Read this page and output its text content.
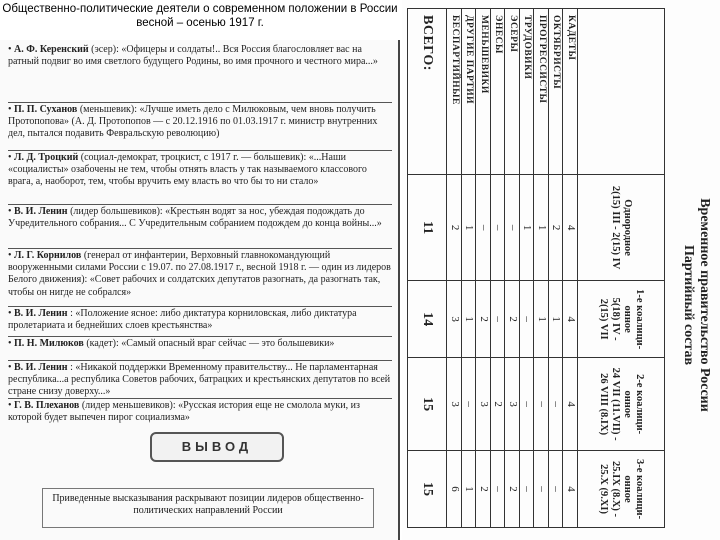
Общественно-политические деятели о современном положении в России весной – осенью 1917 г.
• А. Ф. Керенский (эсер): «Офицеры и солдаты!.. Вся Россия благословляет вас на ратный подвиг во имя светлого будущего Родины, во имя прочного и честного мира...»
• П. П. Суханов (меньшевик): «Лучше иметь дело с Милюковым, чем вновь получить Протопопова» (А. Д. Протопопов — с 20.12.1916 по 01.03.1917 г. министр внутренних дел, пытался подавить Февральскую революцию)
• Л. Д. Троцкий (социал-демократ, троцкист, с 1917 г. — большевик): «...Наши «социалисты» озабочены не тем, чтобы отнять власть у так называемого классового врага, а, наоборот, тем, чтобы вручить ему власть во что бы то ни стало»
• В. И. Ленин (лидер большевиков): «Крестьян водят за нос, убеждая подождать до Учредительного собрания... С Учредительным собранием подождем до конца войны...»
• Л. Г. Корнилов (генерал от инфантерии, Верховный главнокомандующий вооруженными силами России с 19.07. по 27.08.1917 г., весной 1918 г. — один из лидеров Белого движения): «Совет рабочих и солдатских депутатов разогнать, да разогнать так, чтобы он нигде не собрался»
• В. И. Ленин : «Положение ясное: либо диктатура корниловская, либо диктатура пролетариата и беднейших слоев крестьянства»
• П. Н. Милюков (кадет): «Самый опасный враг сейчас — это большевики»
• В. И. Ленин : «Никакой поддержки Временному правительству... Не парламентарная республика...а республика Советов рабочих, батрацких и крестьянских депутатов по всей стране снизу доверху...»
• Г. В. Плеханов (лидер меньшевиков): «Русская история еще не смолола муки, из которой будет выпечен пирог социализма»
ВЫВОД
Приведенные высказывания раскрывают позиции лидеров общественно-политических направлений России
Временное правительство России
Партийный состав
	Однородное
2(15) III - 2(15) IV	1-е коалици-
онное
5(18) IV -
2(15) VII	2-е коалици-
онное
24 VII (11.VII) -
26 VIII (8.IX)	3-е коалици-
онное
25.IX (8.X) -
25.X (9.XI)
КАДЕТЫ	4	4	4	4
ОКТЯБРИСТЫ	2	1	–	–
ПРОГРЕССИСТЫ	1	1	–	–
ТРУДОВИКИ	1	–	–	–
ЭСЕРЫ	–	2	3	2
ЭНЕСЫ	–	–	2	–
МЕНЬШЕВИКИ	–	2	3	2
ДРУГИЕ ПАРТИИ	1	1	–	1
БЕСПАРТИЙНЫЕ	2	3	3	6
ВСЕГО:	11	14	15	15
